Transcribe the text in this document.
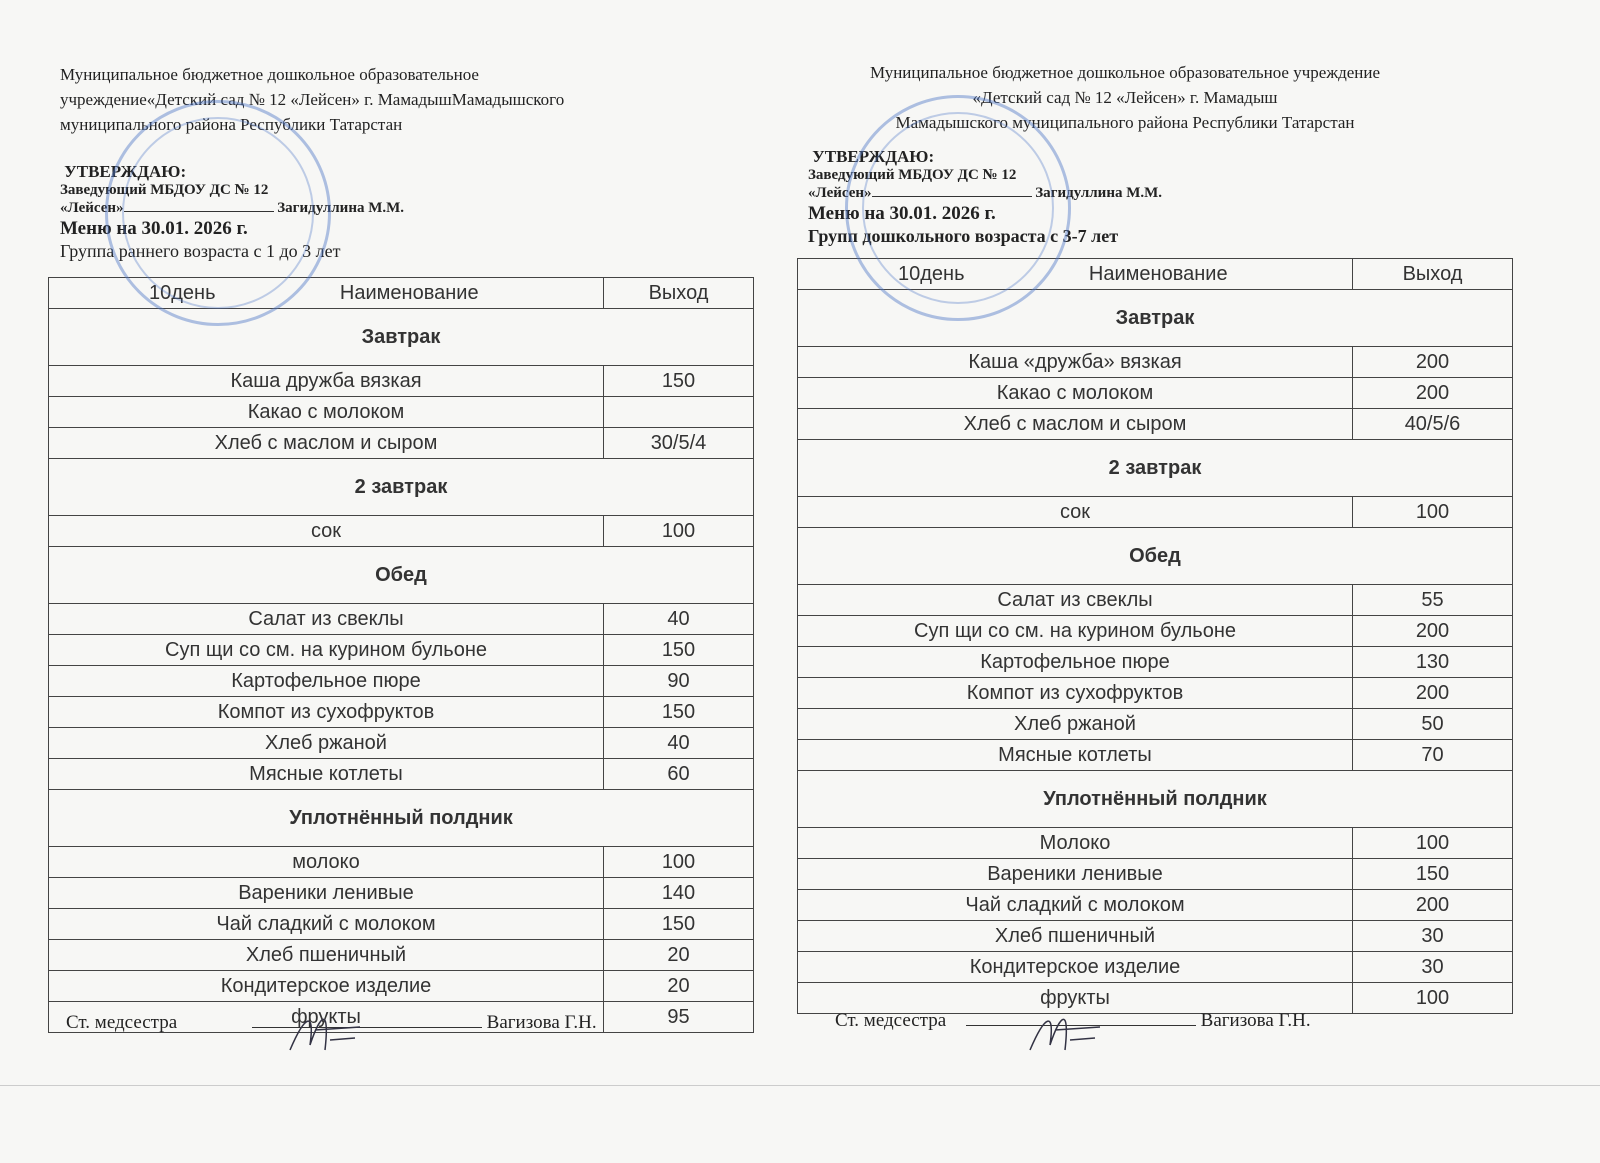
Муниципальное бюджетное дошкольное образовательное
учреждение«Детский сад № 12 «Лейсен» г. МамадышМамадышского
муниципального района Республики Татарстан
УТВЕРЖДАЮ:
Заведующий МБДОУ ДС № 12
«Лейсен»	Загидуллина М.М.
Меню на 30.01. 2026 г.
Группа раннего возраста с 1 до 3 лет
10день Наименование	Выход
Завтрак	
Каша дружба вязкая	150
Какао с молоком	
Хлеб с маслом и сыром	30/5/4
2 завтрак	
сок	100
Обед	
Салат из свеклы	40
Суп щи со см. на курином бульоне	150
Картофельное пюре	90
Компот из сухофруктов	150
Хлеб ржаной	40
Мясные котлеты	60
Уплотнённый полдник	
молоко	100
Вареники ленивые	140
Чай сладкий с молоком	150
Хлеб пшеничный	20
Кондитерское изделие	20
фрукты	95
Ст. медсестра	Вагизова Г.Н.
Муниципальное бюджетное дошкольное образовательное учреждение
«Детский сад № 12 «Лейсен» г. Мамадыш
Мамадышского муниципального района Республики Татарстан
УТВЕРЖДАЮ:
Заведующий МБДОУ ДС № 12
«Лейсен»	Загидуллина М.М.
Меню на 30.01. 2026 г.
Групп дошкольного возраста с 3-7 лет
10день Наименование	Выход
Завтрак	
Каша «дружба» вязкая	200
Какао с молоком	200
Хлеб с маслом и сыром	40/5/6
2 завтрак	
сок	100
Обед	
Салат из свеклы	55
Суп щи со см. на курином бульоне	200
Картофельное пюре	130
Компот из сухофруктов	200
Хлеб ржаной	50
Мясные котлеты	70
Уплотнённый полдник	
Молоко	100
Вареники ленивые	150
Чай сладкий с молоком	200
Хлеб пшеничный	30
Кондитерское изделие	30
фрукты	100
Ст. медсестра	Вагизова Г.Н.
